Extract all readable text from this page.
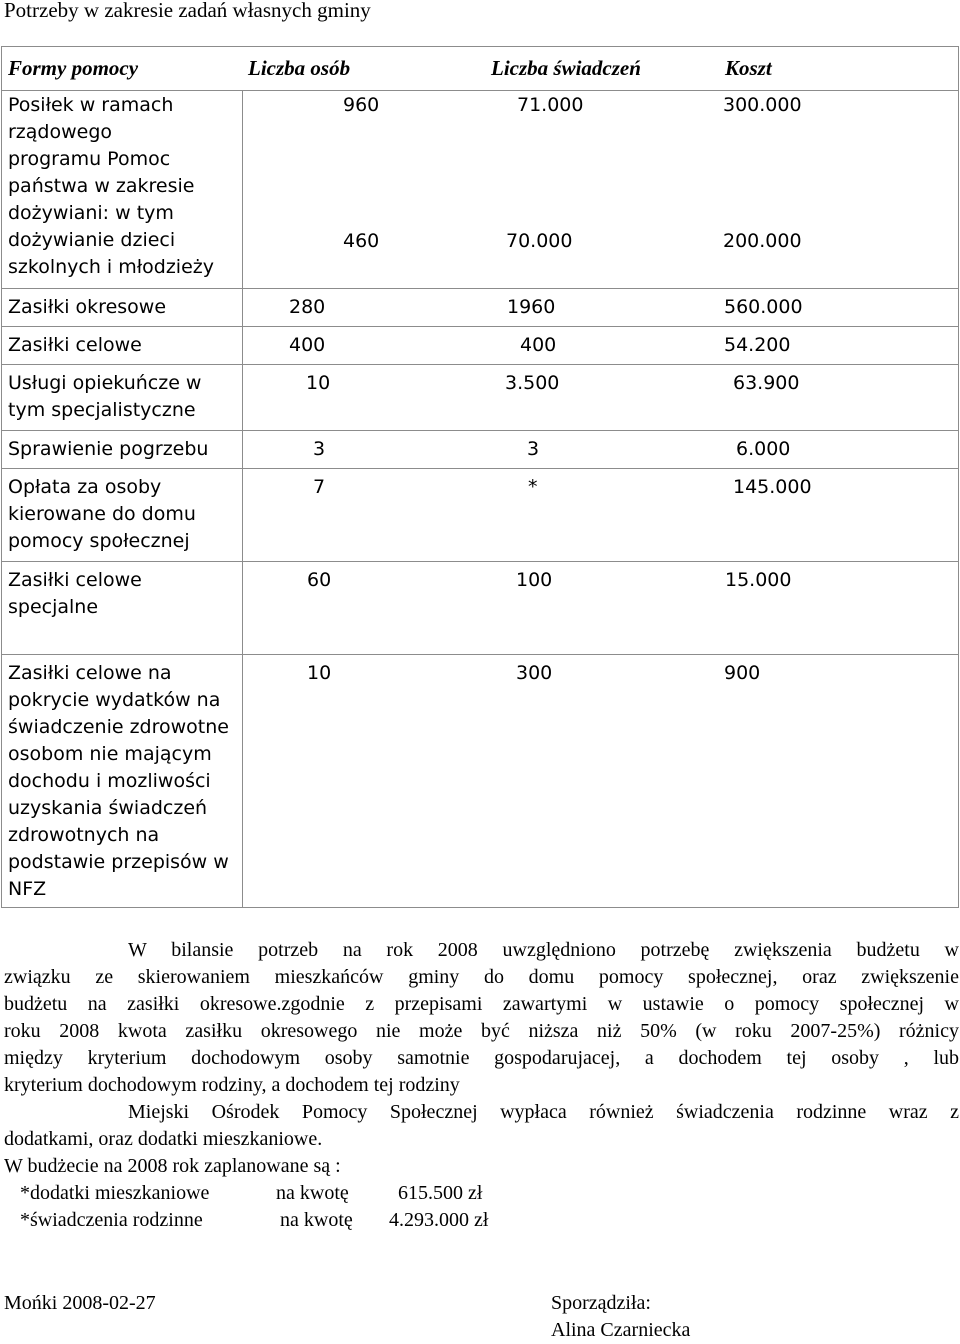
Potrzeby w zakresie zadań własnych gminy
Formy pomocy	Liczba osób	Liczba świadczeń	Koszt
Posiłek w ramach
rządowego
programu Pomoc
państwa w zakresie
dożywiani: w tym
dożywianie dzieci
szkolnych i młodzieży
960	71.000	300.000
460	70.000	200.000
Zasiłki okresowe	280	1960	560.000
Zasiłki celowe	400	400	54.200
Usługi opiekuńcze w
tym specjalistyczne
10	3.500	63.900
Sprawienie pogrzebu	3	3	6.000
Opłata za osoby
kierowane do domu
pomocy społecznej
7	*	145.000
Zasiłki celowe
specjalne
60	100	15.000
Zasiłki celowe na
pokrycie wydatków na
świadczenie zdrowotne
osobom nie mającym
dochodu i mozliwości
uzyskania świadczeń
zdrowotnych na
podstawie przepisów w
NFZ
10	300	900
W bilansie potrzeb na rok 2008 uwzględniono potrzebę zwiększenia budżetu w
związku ze skierowaniem mieszkańców gminy do domu pomocy społecznej, oraz zwiększenie
budżetu na zasiłki okresowe.zgodnie z przepisami zawartymi w ustawie o pomocy społecznej w
roku 2008 kwota zasiłku okresowego nie może być niższa niż 50% (w roku 2007-25%) różnicy
między kryterium dochodowym osoby samotnie gospodarujacej, a dochodem tej osoby , lub
kryterium dochodowym rodziny, a dochodem tej rodziny
Miejski Ośrodek Pomocy Społecznej wypłaca również świadczenia rodzinne wraz z
dodatkami, oraz dodatki mieszkaniowe.
W budżecie na 2008 rok zaplanowane są :
*dodatki mieszkaniowe	na kwotę 615.500 zł
*świadczenia rodzinne	na kwotę 4.293.000 zł
Mońki 2008-02-27	Sporządziła:
Alina Czarniecka
